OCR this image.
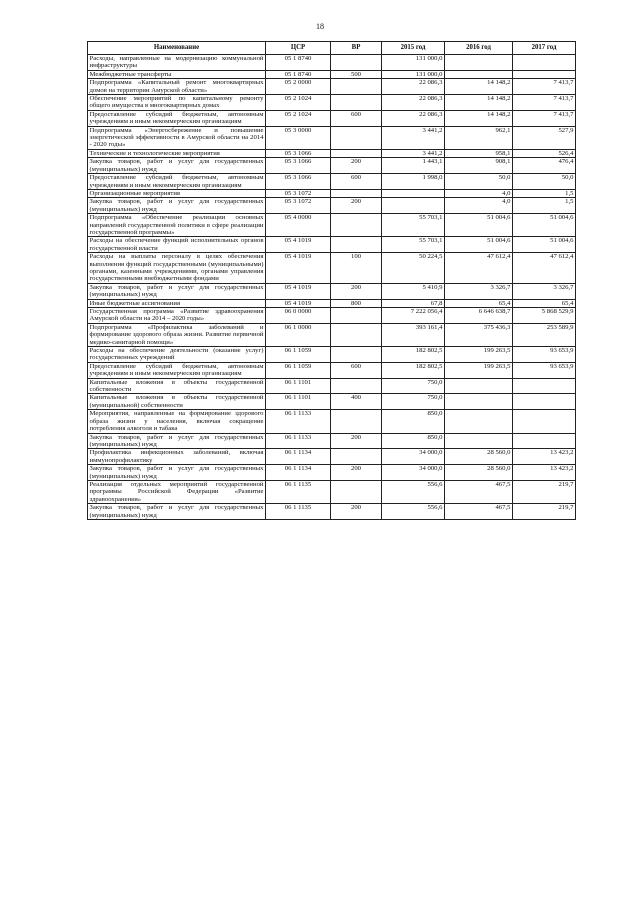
18
Наименование	ЦСР	ВР	2015 год	2016 год	2017 год
Расходы, направленные на модернизацию коммунальной инфраструктуры	05 1 8740		131 000,0		
Межбюджетные трансферты	05 1 8740	500	131 000,0		
Подпрограмма «Капитальный ремонт многоквартирных домов на территории Амурской области»	05 2 0000		22 086,3	14 148,2	7 413,7
Обеспечение мероприятий по капитальному ремонту общего имущества в многоквартирных домах	05 2 1024		22 086,3	14 148,2	7 413,7
Предоставление субсидий бюджетным, автономным учреждениям и иным некоммерческим организациям	05 2 1024	600	22 086,3	14 148,2	7 413,7
Подпрограмма «Энергосбережение и повышение энергетической эффективности в Амурской области на 2014 - 2020 годы»	05 3 0000		3 441,2	962,1	527,9
Технические и технологические мероприятия	05 3 1066		3 441,2	958,1	526,4
Закупка товаров, работ и услуг для государственных (муниципальных) нужд	05 3 1066	200	1 443,1	908,1	476,4
Предоставление субсидий бюджетным, автономным учреждениям и иным некоммерческим организациям	05 3 1066	600	1 998,0	50,0	50,0
Организационные мероприятия	05 3 1072			4,0	1,5
Закупка товаров, работ и услуг для государственных (муниципальных) нужд	05 3 1072	200		4,0	1,5
Подпрограмма «Обеспечение реализации основных направлений государственной политики в сфере реализации государственной программы»	05 4 0000		55 703,1	51 004,6	51 004,6
Расходы на обеспечение функций исполнительных органов государственной власти	05 4 1019		55 703,1	51 004,6	51 004,6
Расходы на выплаты персоналу в целях обеспечения выполнения функций государственными (муниципальными) органами, казенными учреждениями, органами управления государственными внебюджетными фондами	05 4 1019	100	50 224,5	47 612,4	47 612,4
Закупка товаров, работ и услуг для государственных (муниципальных) нужд	05 4 1019	200	5 410,9	3 326,7	3 326,7
Иные бюджетные ассигнования	05 4 1019	800	67,8	65,4	65,4
Государственная программа «Развитие здравоохранения Амурской области на 2014 – 2020 годы»	06 0 0000		7 222 056,4	6 646 638,7	5 868 529,9
Подпрограмма «Профилактика заболеваний и формирование здорового образа жизни. Развитие первичной медико-санитарной помощи»	06 1 0000		393 161,4	375 436,3	253 589,9
Расходы на обеспечение деятельности (оказание услуг) государственных учреждений	06 1 1059		182 802,5	199 263,5	93 653,9
Предоставление субсидий бюджетным, автономным учреждениям и иным некоммерческим организациям	06 1 1059	600	182 802,5	199 263,5	93 653,9
Капитальные вложения в объекты государственной собственности	06 1 1101		750,0		
Капитальные вложения в объекты государственной (муниципальной) собственности	06 1 1101	400	750,0		
Мероприятия, направленные на формирование здорового образа жизни у населения, включая сокращение потребления алкоголя и табака	06 1 1133		850,0		
Закупка товаров, работ и услуг для государственных (муниципальных) нужд	06 1 1133	200	850,0		
Профилактика инфекционных заболеваний, включая иммунопрофилактику	06 1 1134		34 000,0	28 560,0	13 423,2
Закупка товаров, работ и услуг для государственных (муниципальных) нужд	06 1 1134	200	34 000,0	28 560,0	13 423,2
Реализация отдельных мероприятий государственной программы Российской Федерации «Развитие здравоохранения»	06 1 1135		556,6	467,5	219,7
Закупка товаров, работ и услуг для государственных (муниципальных) нужд	06 1 1135	200	556,6	467,5	219,7
